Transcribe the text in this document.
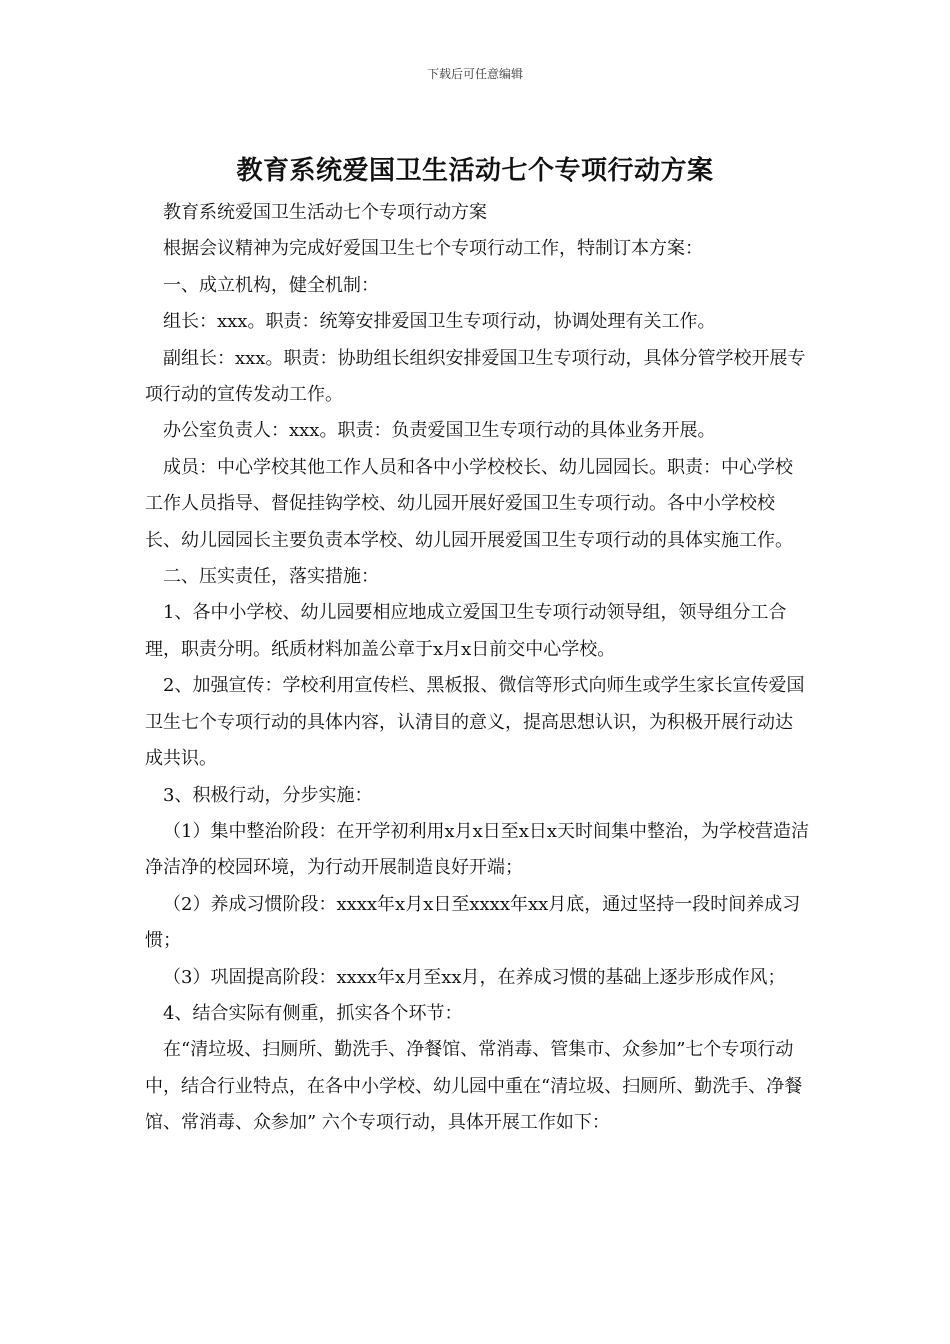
下载后可任意编辑
教育系统爱国卫生活动七个专项行动方案

教育系统爱国卫生活动七个专项行动方案

根据会议精神为完成好爱国卫生七个专项行动工作，特制订本方案：

一、成立机构，健全机制：

组长：xxx。职责：统筹安排爱国卫生专项行动，协调处理有关工作。

副组长：xxx。职责：协助组长组织安排爱国卫生专项行动，具体分管学校开展专项行动的宣传发动工作。

办公室负责人：xxx。职责：负责爱国卫生专项行动的具体业务开展。

成员：中心学校其他工作人员和各中小学校校长、幼儿园园长。职责：中心学校工作人员指导、督促挂钩学校、幼儿园开展好爱国卫生专项行动。各中小学校校长、幼儿园园长主要负责本学校、幼儿园开展爱国卫生专项行动的具体实施工作。

二、压实责任，落实措施：

1、各中小学校、幼儿园要相应地成立爱国卫生专项行动领导组，领导组分工合理，职责分明。纸质材料加盖公章于x月x日前交中心学校。

2、加强宣传：学校利用宣传栏、黑板报、微信等形式向师生或学生家长宣传爱国卫生七个专项行动的具体内容，认清目的意义，提高思想认识，为积极开展行动达成共识。

3、积极行动，分步实施：

（1）集中整治阶段：在开学初利用x月x日至x日x天时间集中整治，为学校营造洁净洁净的校园环境，为行动开展制造良好开端；

（2）养成习惯阶段：xxxx年x月x日至xxxx年xx月底，通过坚持一段时间养成习惯；

（3）巩固提高阶段：xxxx年x月至xx月，在养成习惯的基础上逐步形成作风；

4、结合实际有侧重，抓实各个环节：

在“清垃圾、扫厕所、勤洗手、净餐馆、常消毒、管集市、众参加”七个专项行动中，结合行业特点，在各中小学校、幼儿园中重在“清垃圾、扫厕所、勤洗手、净餐馆、常消毒、众参加” 六个专项行动，具体开展工作如下：
